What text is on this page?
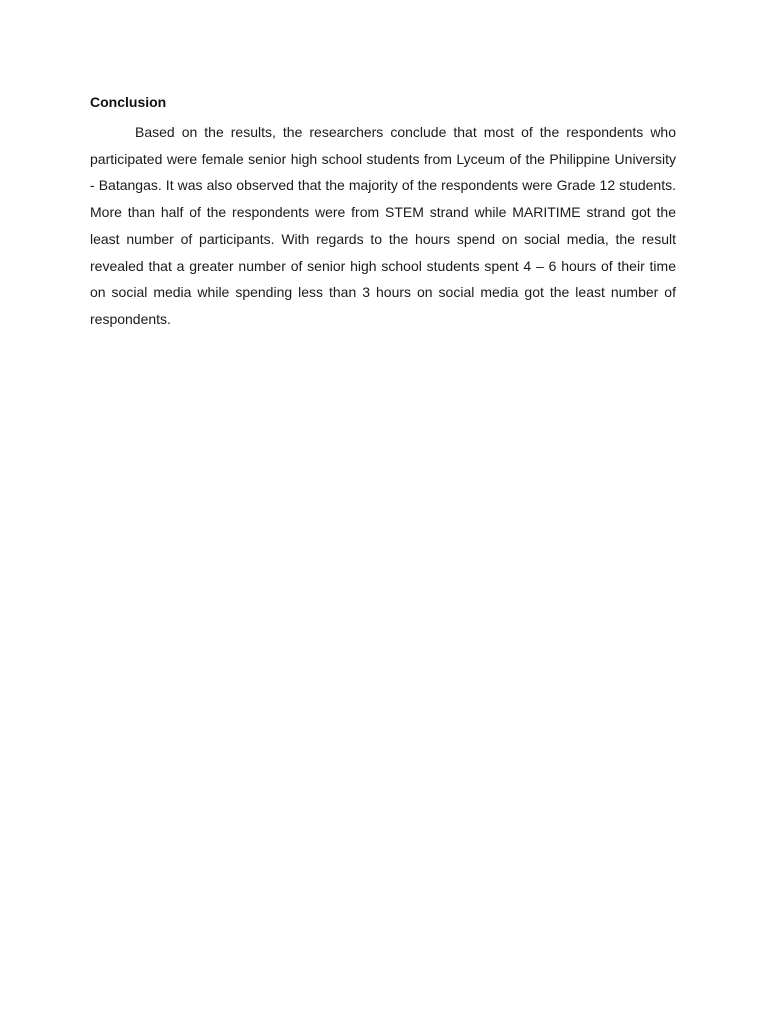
Conclusion

Based on the results, the researchers conclude that most of the respondents who participated were female senior high school students from Lyceum of the Philippine University - Batangas. It was also observed that the majority of the respondents were Grade 12 students. More than half of the respondents were from STEM strand while MARITIME strand got the least number of participants. With regards to the hours spend on social media, the result revealed that a greater number of senior high school students spent 4 – 6 hours of their time on social media while spending less than 3 hours on social media got the least number of respondents.
